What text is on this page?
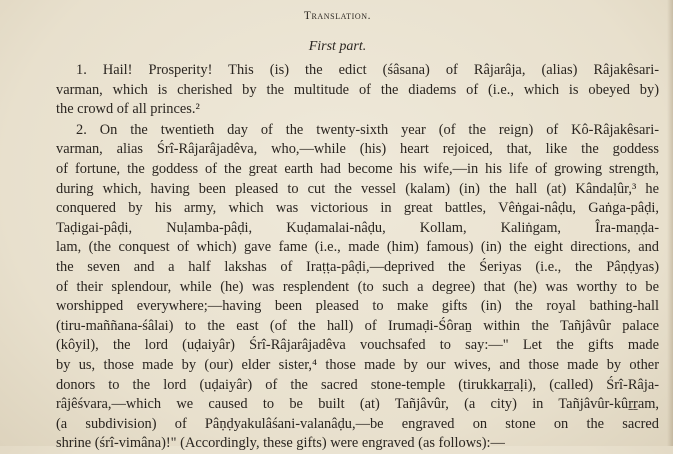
Translation.
First part.
1. Hail! Prosperity! This (is) the edict (śâsana) of Râjarâja, (alias) Râjakêsari-
varman, which is cherished by the multitude of the diadems of (i.e., which is obeyed by)
the crowd of all princes.²
2. On the twentieth day of the twenty-sixth year (of the reign) of Kô-Râjakêsari-
varman, alias Śrî-Râjarâjadêva, who,—while (his) heart rejoiced, that, like the goddess
of fortune, the goddess of the great earth had become his wife,—in his life of growing strength,
during which, having been pleased to cut the vessel (kalam) (in) the hall (at) Kândaḷûr,³ he
conquered by his army, which was victorious in great battles, Vêṅgai-nâḍu, Gaṅga-pâḍi,
Taḍigai-pâḍi, Nuḷamba-pâḍi, Kuḍamalai-nâḍu, Kollam, Kaliṅgam, Îra-maṇḍa-
lam, (the conquest of which) gave fame (i.e., made (him) famous) (in) the eight directions, and
the seven and a half lakshas of Iraṭṭa-pâḍi,—deprived the Śeriyas (i.e., the Pâṇḍyas)
of their splendour, while (he) was resplendent (to such a degree) that (he) was worthy to be
worshipped everywhere;—having been pleased to make gifts (in) the royal bathing-hall
(tiru-maññana-śâlai) to the east (of the hall) of Irumaḍi-Śôraṉ within the Tañjâvûr palace
(kôyil), the lord (uḍaiyâr) Śrî-Râjarâjadêva vouchsafed to say:—" Let the gifts made
by us, those made by (our) elder sister,⁴ those made by our wives, and those made by other
donors to the lord (uḍaiyâr) of the sacred stone-temple (tirukkaṟṟaḷi), (called) Śrî-Râja-
râjêśvara,—which we caused to be built (at) Tañjâvûr, (a city) in Tañjâvûr-kûṟṟam,
(a subdivision) of Pâṇḍyakulâśani-valanâḍu,—be engraved on stone on the sacred
shrine (śrî-vimâna)!" (Accordingly, these gifts) were engraved (as follows):—
